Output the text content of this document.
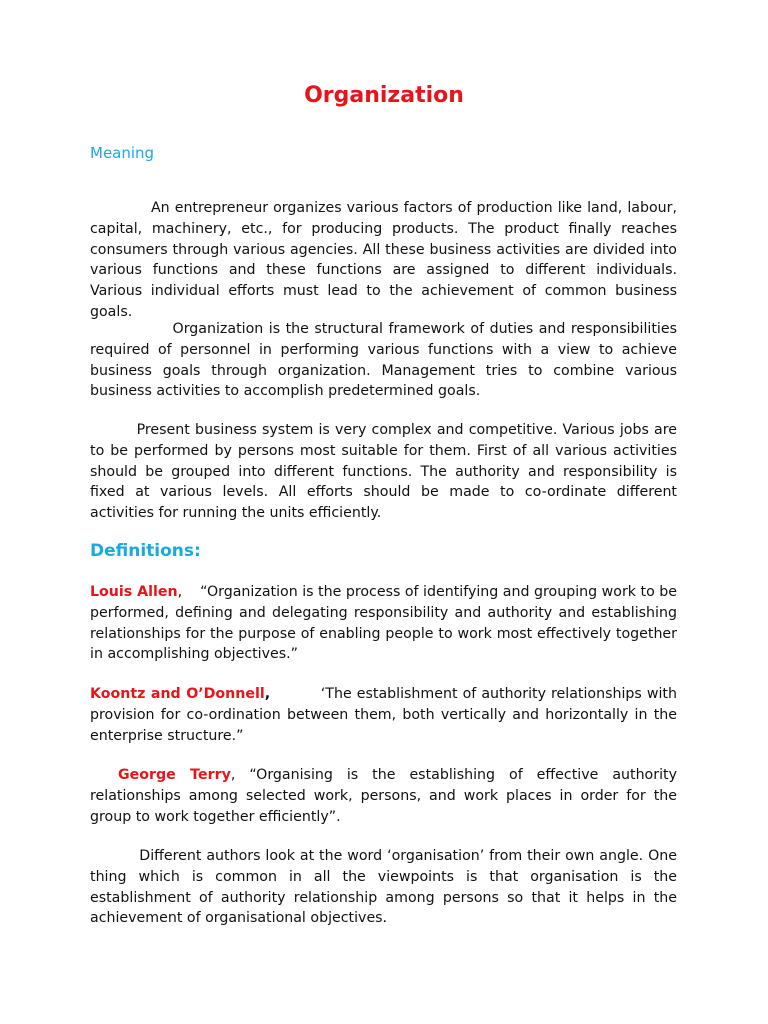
Organization
Meaning

An entrepreneur organizes various factors of production like land, labour, capital, machinery, etc., for producing products. The product finally reaches consumers through various agencies. All these business activities are divided into various functions and these functions are assigned to different individuals. Various individual efforts must lead to the achievement of common business goals.

Organization is the structural framework of duties and responsibilities required of personnel in performing various functions with a view to achieve business goals through organization. Management tries to combine various business activities to accomplish predetermined goals.

Present business system is very complex and competitive. Various jobs are to be performed by persons most suitable for them. First of all various activities should be grouped into different functions. The authority and responsibility is fixed at various levels. All efforts should be made to co-ordinate different activities for running the units efficiently.

Definitions:

Louis Allen, “Organization is the process of identifying and grouping work to be performed, defining and delegating responsibility and authority and establishing relationships for the purpose of enabling people to work most effectively together in accomplishing objectives.”

Koontz and O’Donnell,	‘The establishment of authority relationships with provision for co-ordination between them, both vertically and horizontally in the enterprise structure.”

George Terry, “Organising is the establishing of effective authority relationships among selected work, persons, and work places in order for the group to work together efficiently”.

Different authors look at the word ‘organisation’ from their own angle. One thing which is common in all the viewpoints is that organisation is the establishment of authority relationship among persons so that it helps in the achievement of organisational objectives.
